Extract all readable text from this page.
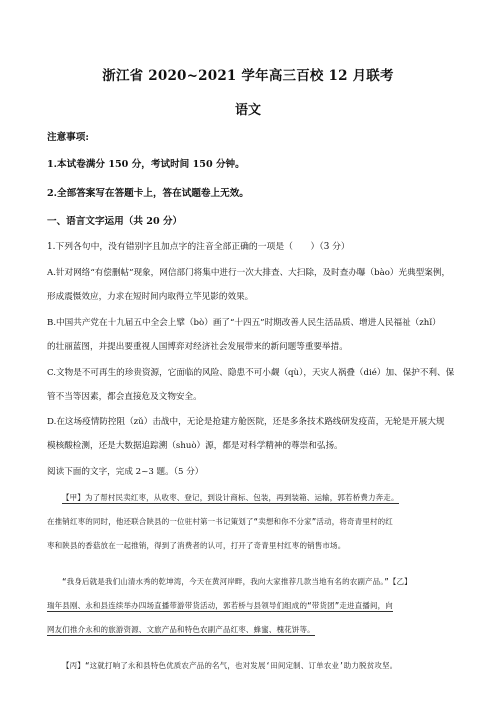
浙江省 2020~2021 学年高三百校 12 月联考
语文
注意事项:
1.本试卷满分 150 分，考试时间 150 分钟。
2.全部答案写在答题卡上，答在试题卷上无效。
一、语言文字运用（共 20 分）
1.下列各句中，没有错别字且加点字的注音全部正确的一项是（　　）（3 分）
A.针对网络“有偿删帖”现象，网信部门将集中进行一次大排查、大扫除，及时查办曝（bào）光典型案例，
形成震慑效应，力求在短时间内取得立竿见影的效果。
B.中国共产党在十九届五中全会上擘（bò）画了“十四五”时期改善人民生活品质、增进人民福祉（zhǐ）
的壮丽蓝图，并提出要重视人国博弈对经济社会发展带来的新问题等重要举措。
C.文物是不可再生的珍贵资源，它面临的风险、隐患不可小觑（qù），天灾人祸叠（dié）加、保护不利、保
管不当等因素，都会直接危及文物安全。
D.在这场疫情防控阻（zǔ）击战中，无论是抢建方舱医院，还是多条技术路线研发疫苗，无轮是开展大规
模核酸检测，还是大数据追踪溯（shuò）源，都是对科学精神的尊崇和弘扬。
阅读下面的文字，完成 2~3 题。（5 分）
【甲】为了帮村民卖红枣，从收枣、登记，到设计商标、包装，再到装箱、运输，郭若桥费力奔走。
在推销红枣的同时，他还联合陕县的一位驻村第一书记策划了“卖想和你不分家”活动，将奇青里村的红
枣和陕县的香菇放在一起推销，得到了消费者的认可，打开了奇青里村红枣的销售市场。
“我身后就是我们山清水秀的乾坤湾，今天在黄河岸畔，我向大家推荐几款当地有名的农副产品。”【乙】
瑞年县刚、永和县连续举办四场直播带游带货活动，郭若桥与县领导们组成的“带货团”走进直播间，向
网友们推介永和的旅游资源、文旅产品和特色农副产品红枣、蜂蜜、槐花饼等。
【丙】“这就打响了永和县特色优质农产品的名气，也对发展‘田间定制、订单农业’助力脱贫攻坚。
